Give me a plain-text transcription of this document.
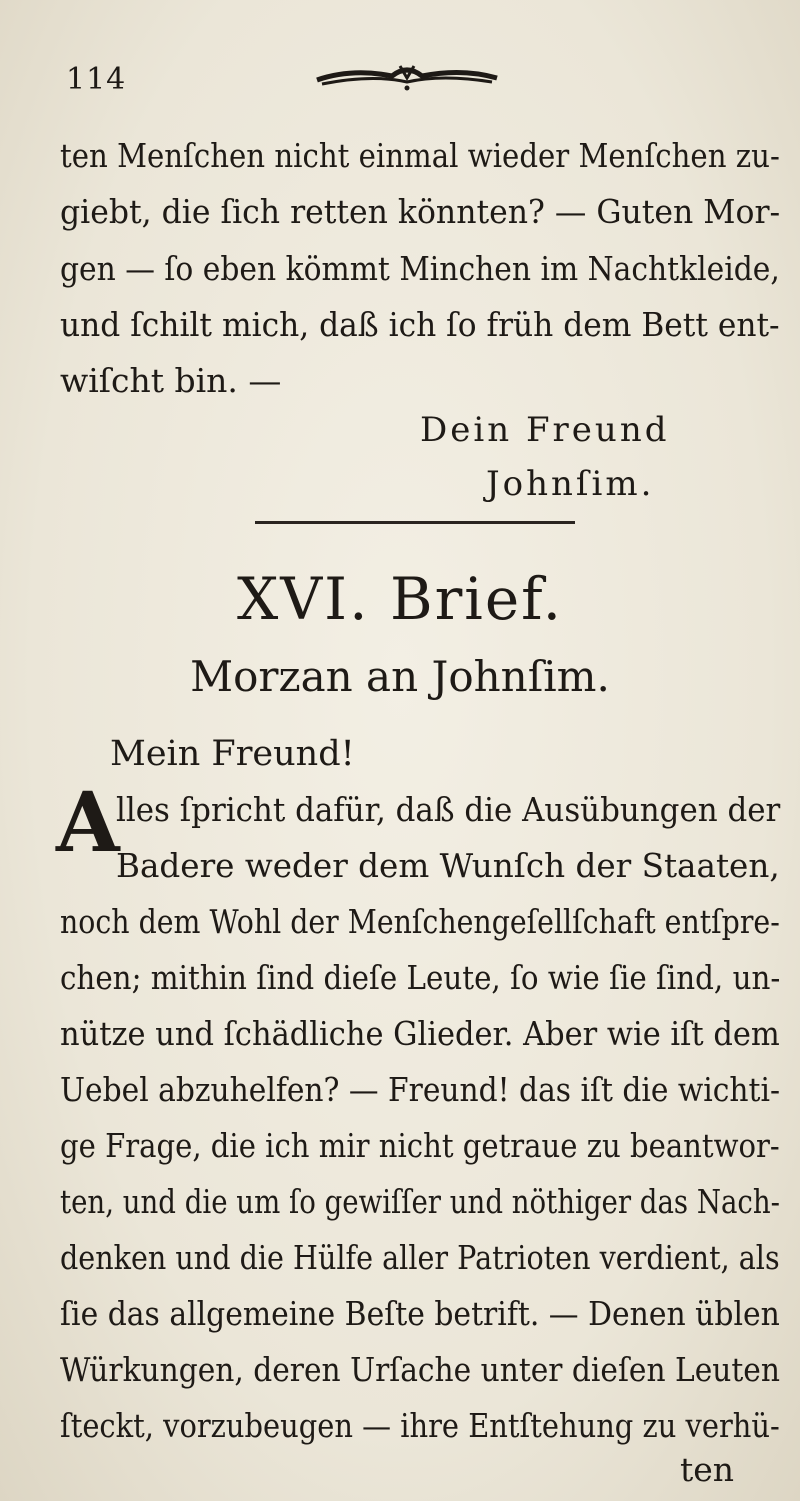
114
ten Menſchen nicht einmal wieder Menſchen zu-
giebt, die ſich retten könnten? — Guten Mor-
gen — ſo eben kömmt Minchen im Nachtkleide,
und ſchilt mich, daß ich ſo früh dem Bett ent-
wiſcht bin. —
Dein Freund
Johnſim.
XVI. Brief.
Morzan an Johnſim.
Mein Freund!
A
lles ſpricht dafür, daß die Ausübungen der
Badere weder dem Wunſch der Staaten,
noch dem Wohl der Menſchengeſellſchaft entſpre-
chen; mithin ſind dieſe Leute, ſo wie ſie ſind, un-
nütze und ſchädliche Glieder. Aber wie iſt dem
Uebel abzuhelfen? — Freund! das iſt die wichti-
ge Frage, die ich mir nicht getraue zu beantwor-
ten, und die um ſo gewiſſer und nöthiger das Nach-
denken und die Hülfe aller Patrioten verdient, als
ſie das allgemeine Beſte betrift. — Denen üblen
Würkungen, deren Urſache unter dieſen Leuten
ſteckt, vorzubeugen — ihre Entſtehung zu verhü-
ten
